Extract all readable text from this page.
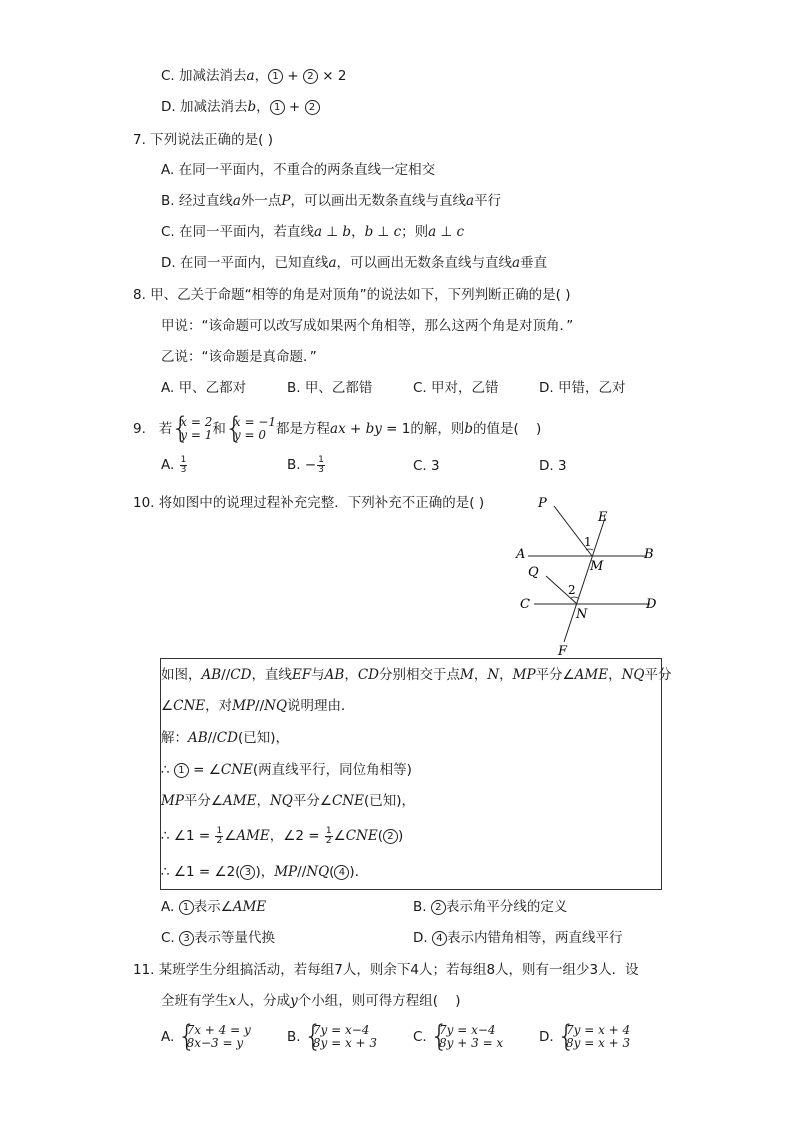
C. 加减法消去a， 1 + 2 × 2
D. 加减法消去b， 1 + 2
7. 下列说法正确的是( )
A. 在同一平面内，不重合的两条直线一定相交
B. 经过直线a外一点P，可以画出无数条直线与直线a平行
C. 在同一平面内，若直线a ⊥ b，b ⊥ c；则a ⊥ c
D. 在同一平面内，已知直线a，可以画出无数条直线与直线a垂直
8. 甲、乙关于命题“相等的角是对顶角”的说法如下，下列判断正确的是( )
甲说：“该命题可以改写成如果两个角相等，那么这两个角是对顶角．”
乙说：“该命题是真命题．”
A. 甲、乙都对	B. 甲、乙都错	C. 甲对，乙错	D. 甲错，乙对
9.   若 { x = 2
y = 1 和 { x = −1
y = 0 都是方程ax + by = 1的解，则b的值是(    )
A. $\frac{1}{3}$	B. − $\frac{1}{3}$	C. 3	D. 3
10. 将如图中的说理过程补充完整．下列补充不正确的是( )	P
E
1
A	B
M
Q
2
C	D
N
F
如图，AB//CD，直线EF与AB，CD分别相交于点M，N，MP平分∠AME，NQ平分
∠CNE，对MP//NQ说明理由．
解：AB//CD(已知)，
∴ 1 = ∠CNE(两直线平行，同位角相等)
MP平分∠AME，NQ平分∠CNE(已知)，
∴ ∠1 = $\frac{1}{2}$ ∠AME，∠2 = $\frac{1}{2}$ ∠CNE( 2 )
∴ ∠1 = ∠2( 3 )，MP//NQ( 4 )．
A. 1 表示∠AME	B. 2 表示角平分线的定义
C. 3 表示等量代换	D. 4 表示内错角相等，两直线平行
11. 某班学生分组搞活动，若每组7人，则余下4人；若每组8人，则有一组少3人．设
全班有学生x人，分成y个小组，则可得方程组(    )
A. { 7x + 4 = y
8x−3 = y	B. { 7y = x−4
8y = x + 3	C. { 7y = x−4
8y + 3 = x	D. { 7y = x + 4
8y = x + 3
